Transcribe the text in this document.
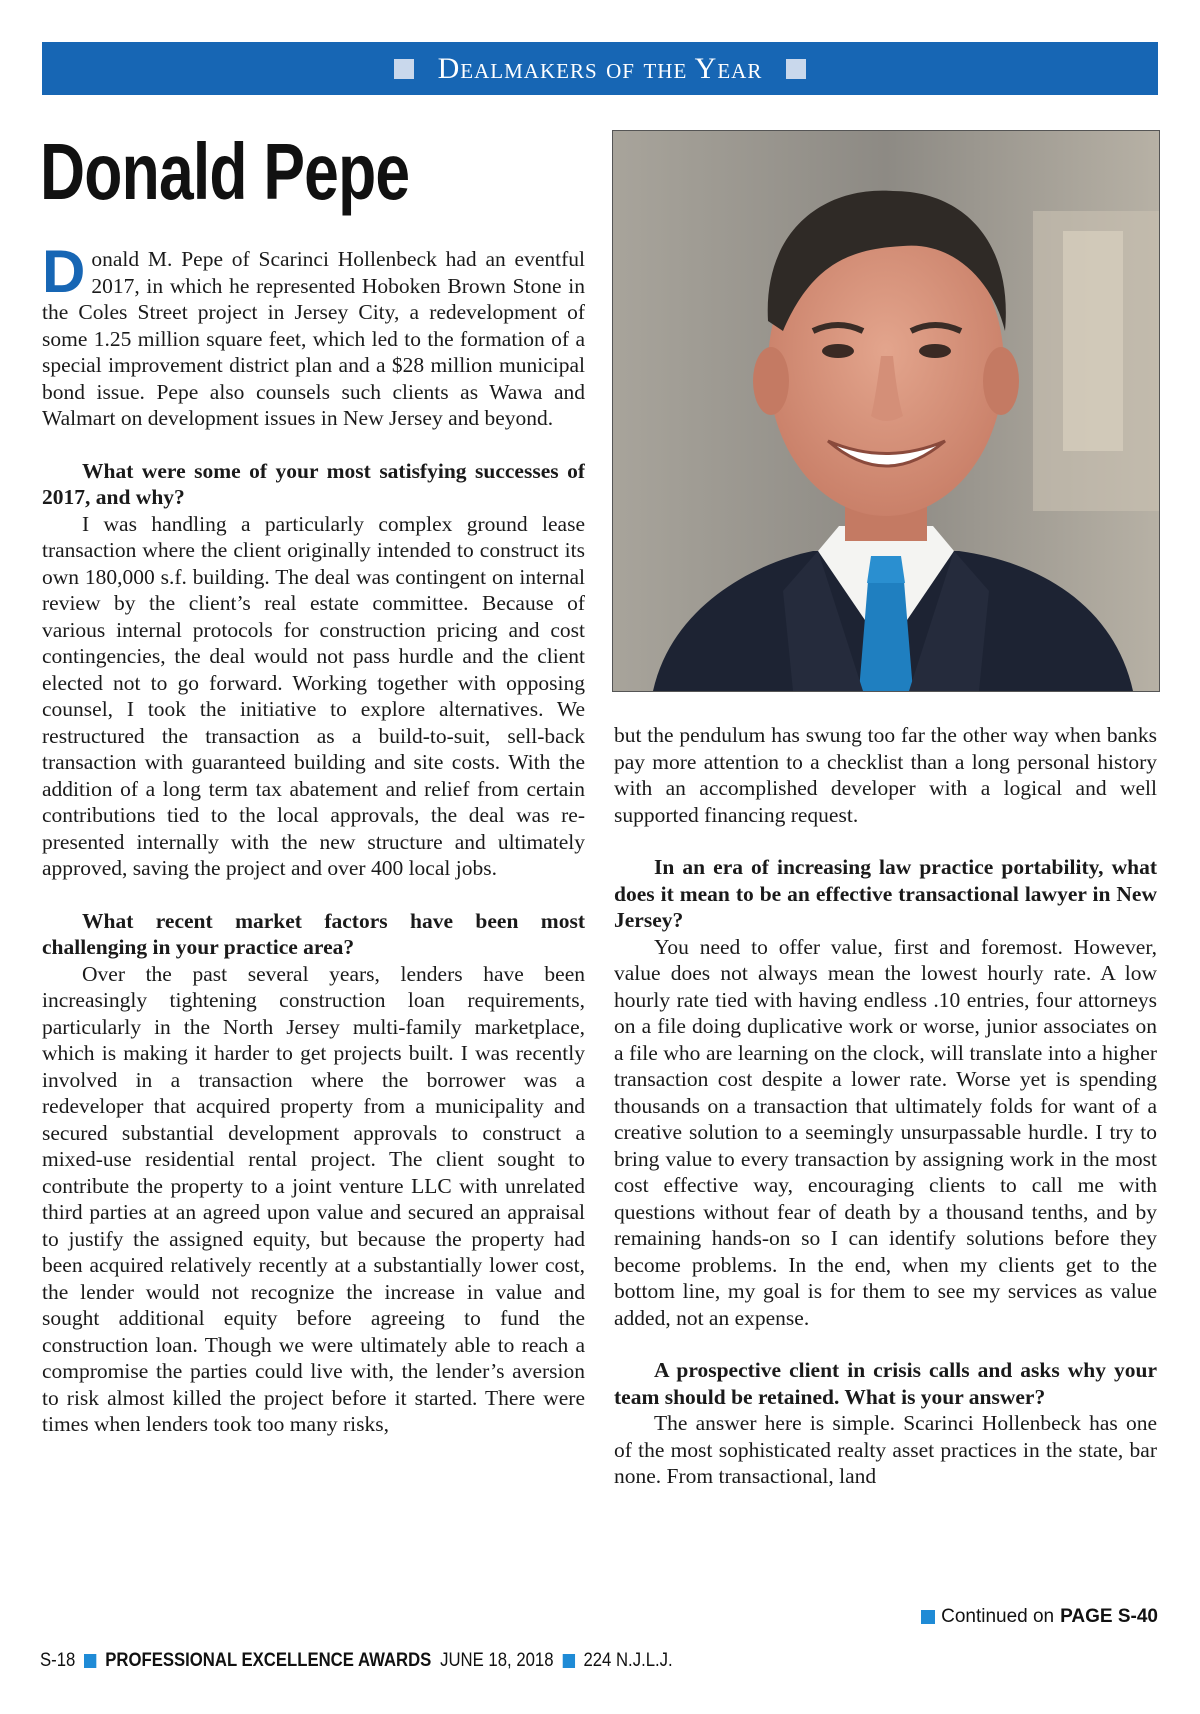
Dealmakers of the Year
Donald Pepe

Donald M. Pepe of Scarinci Hollenbeck had an eventful 2017, in which he represented Hoboken Brown Stone in the Coles Street project in Jersey City, a redevelopment of some 1.25 million square feet, which led to the formation of a special improvement district plan and a $28 million municipal bond issue. Pepe also counsels such clients as Wawa and Walmart on development issues in New Jersey and beyond.

What were some of your most satisfying successes of 2017, and why?

I was handling a particularly complex ground lease transaction where the client originally intended to construct its own 180,000 s.f. building. The deal was contingent on internal review by the client’s real estate committee. Because of various internal protocols for construction pricing and cost contingencies, the deal would not pass hurdle and the client elected not to go forward. Working together with opposing counsel, I took the initiative to explore alternatives. We restructured the transaction as a build-to-suit, sell-back transaction with guaranteed building and site costs. With the addition of a long term tax abatement and relief from certain contributions tied to the local approvals, the deal was re-presented internally with the new structure and ultimately approved, saving the project and over 400 local jobs.

What recent market factors have been most challenging in your practice area?

Over the past several years, lenders have been increasingly tightening construction loan requirements, particularly in the North Jersey multi-family marketplace, which is making it harder to get projects built. I was recently involved in a transaction where the borrower was a redeveloper that acquired property from a municipality and secured substantial development approvals to construct a mixed-use residential rental project. The client sought to contribute the property to a joint venture LLC with unrelated third parties at an agreed upon value and secured an appraisal to justify the assigned equity, but because the property had been acquired relatively recently at a substantially lower cost, the lender would not recognize the increase in value and sought additional equity before agreeing to fund the construction loan. Though we were ultimately able to reach a compromise the parties could live with, the lender’s aversion to risk almost killed the project before it started. There were times when lenders took too many risks,

but the pendulum has swung too far the other way when banks pay more attention to a checklist than a long personal history with an accomplished developer with a logical and well supported financing request.

In an era of increasing law practice portability, what does it mean to be an effective transactional lawyer in New Jersey?

You need to offer value, first and foremost. However, value does not always mean the lowest hourly rate. A low hourly rate tied with having endless .10 entries, four attorneys on a file doing duplicative work or worse, junior associates on a file who are learning on the clock, will translate into a higher transaction cost despite a lower rate. Worse yet is spending thousands on a transaction that ultimately folds for want of a creative solution to a seemingly unsurpassable hurdle. I try to bring value to every transaction by assigning work in the most cost effective way, encouraging clients to call me with questions without fear of death by a thousand tenths, and by remaining hands-on so I can identify solutions before they become problems. In the end, when my clients get to the bottom line, my goal is for them to see my services as value added, not an expense.

A prospective client in crisis calls and asks why your team should be retained. What is your answer?

The answer here is simple. Scarinci Hollenbeck has one of the most sophisticated realty asset practices in the state, bar none. From transactional, land

Continued on PAGE S-40
S-18 PROFESSIONAL EXCELLENCE AWARDS JUNE 18, 2018 224 N.J.L.J.
